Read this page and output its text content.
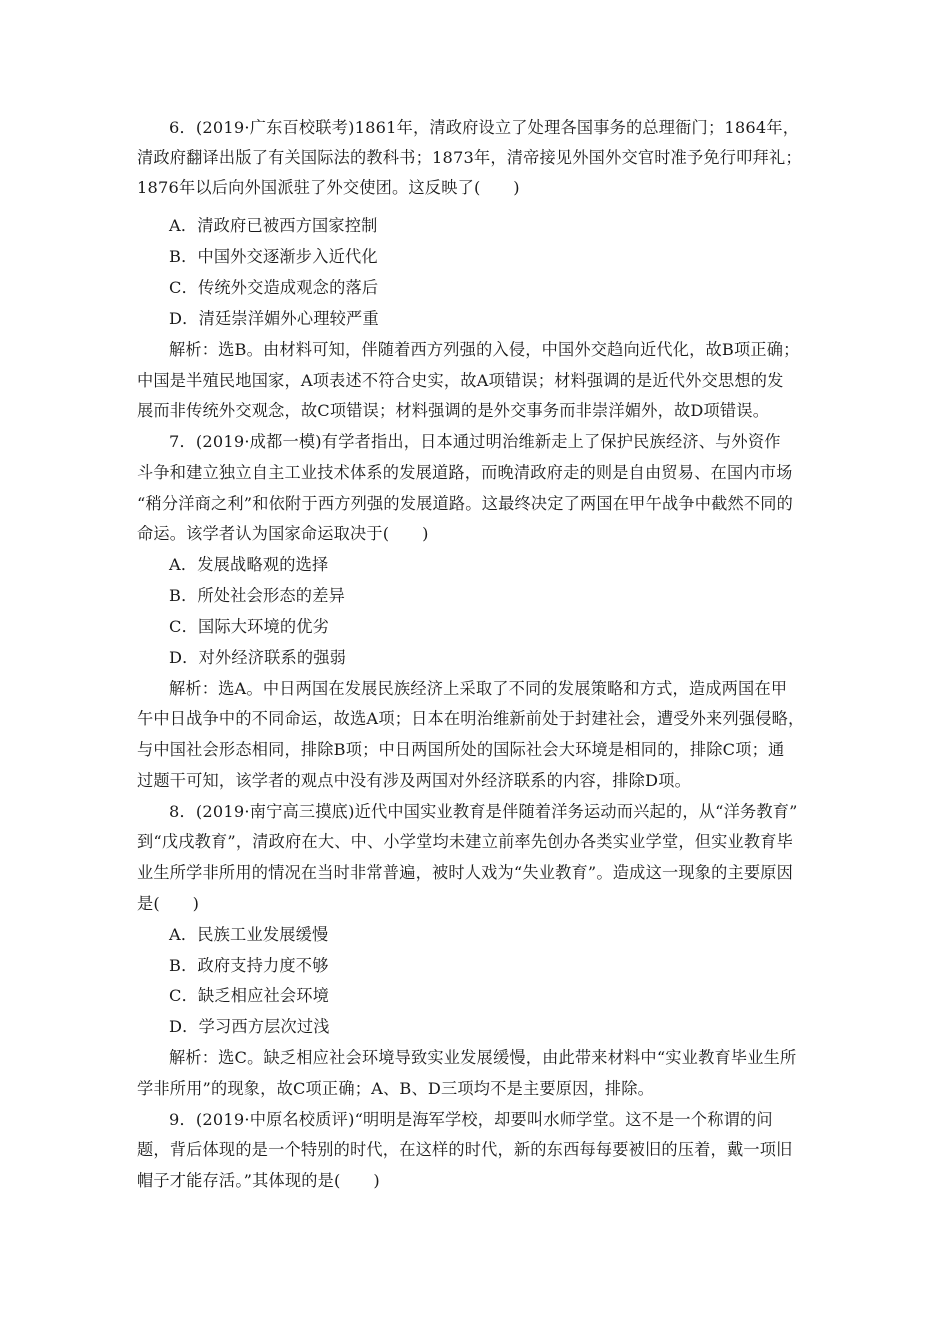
6．(2019·广东百校联考)1861年，清政府设立了处理各国事务的总理衙门；1864年，
清政府翻译出版了有关国际法的教科书；1873年，清帝接见外国外交官时准予免行叩拜礼；
1876年以后向外国派驻了外交使团。这反映了(　　)
A．清政府已被西方国家控制
B．中国外交逐渐步入近代化
C．传统外交造成观念的落后
D．清廷崇洋媚外心理较严重
解析：选B。由材料可知，伴随着西方列强的入侵，中国外交趋向近代化，故B项正确；
中国是半殖民地国家，A项表述不符合史实，故A项错误；材料强调的是近代外交思想的发
展而非传统外交观念，故C项错误；材料强调的是外交事务而非崇洋媚外，故D项错误。
7．(2019·成都一模)有学者指出，日本通过明治维新走上了保护民族经济、与外资作
斗争和建立独立自主工业技术体系的发展道路，而晚清政府走的则是自由贸易、在国内市场
“稍分洋商之利”和依附于西方列强的发展道路。这最终决定了两国在甲午战争中截然不同的
命运。该学者认为国家命运取决于(　　)
A．发展战略观的选择
B．所处社会形态的差异
C．国际大环境的优劣
D．对外经济联系的强弱
解析：选A。中日两国在发展民族经济上采取了不同的发展策略和方式，造成两国在甲
午中日战争中的不同命运，故选A项；日本在明治维新前处于封建社会，遭受外来列强侵略，
与中国社会形态相同，排除B项；中日两国所处的国际社会大环境是相同的，排除C项；通
过题干可知，该学者的观点中没有涉及两国对外经济联系的内容，排除D项。
8．(2019·南宁高三摸底)近代中国实业教育是伴随着洋务运动而兴起的，从“洋务教育”
到“戊戌教育”，清政府在大、中、小学堂均未建立前率先创办各类实业学堂，但实业教育毕
业生所学非所用的情况在当时非常普遍，被时人戏为“失业教育”。造成这一现象的主要原因
是(　　)
A．民族工业发展缓慢
B．政府支持力度不够
C．缺乏相应社会环境
D．学习西方层次过浅
解析：选C。缺乏相应社会环境导致实业发展缓慢，由此带来材料中“实业教育毕业生所
学非所用”的现象，故C项正确；A、B、D三项均不是主要原因，排除。
9．(2019·中原名校质评)“明明是海军学校，却要叫水师学堂。这不是一个称谓的问
题，背后体现的是一个特别的时代，在这样的时代，新的东西每每要被旧的压着，戴一项旧
帽子才能存活。”其体现的是(　　)
